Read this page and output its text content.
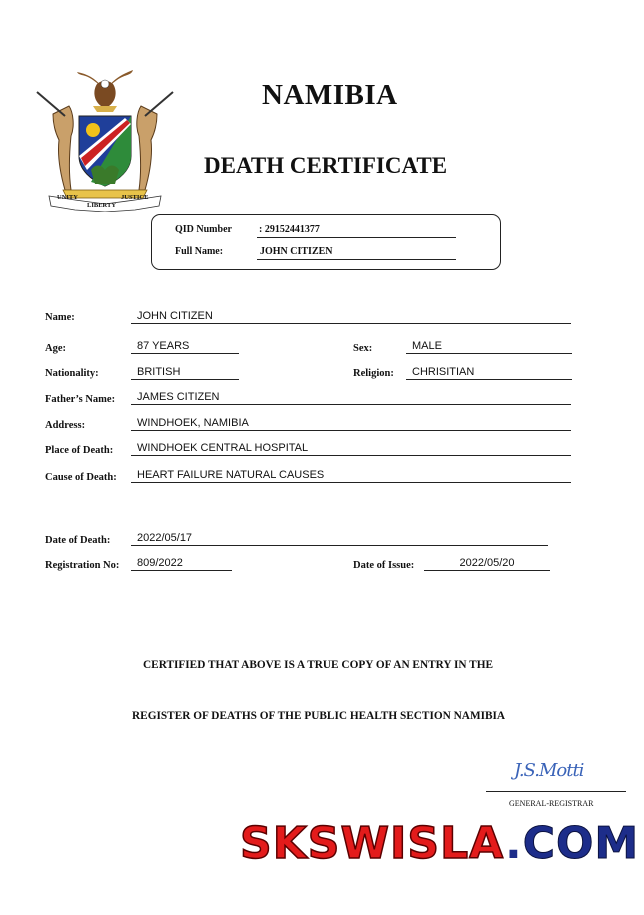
UNITY
LIBERTY
JUSTICE
NAMIBIA
DEATH CERTIFICATE
QID Number	: 29152441377
Full Name:	JOHN CITIZEN
Name:	JOHN CITIZEN
Age:	87 YEARS	Sex:	MALE
Nationality:	BRITISH	Religion:	CHRISITIAN
Father’s Name:	JAMES CITIZEN
Address:	WINDHOEK, NAMIBIA
Place of Death:	WINDHOEK CENTRAL HOSPITAL
Cause of Death:	HEART FAILURE NATURAL CAUSES
Date of Death:	2022/05/17
Registration No:	809/2022	Date of Issue:	2022/05/20
CERTIFIED THAT ABOVE IS A TRUE COPY OF AN ENTRY IN THE
REGISTER OF DEATHS OF THE PUBLIC HEALTH SECTION NAMIBIA
J.S.Motti
GENERAL-REGISTRAR
SKSWISLA.COM
